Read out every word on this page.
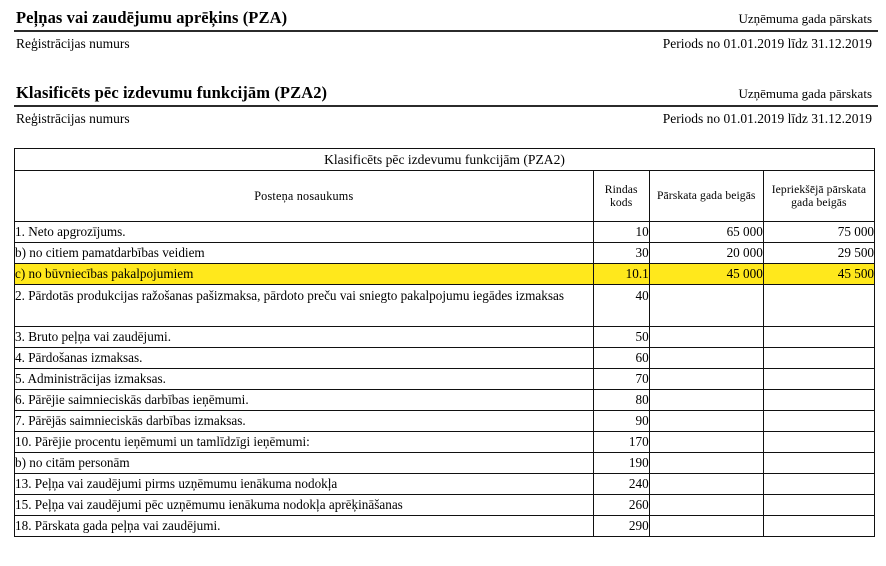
Peļņas vai zaudējumu aprēķins (PZA)	Uzņēmuma gada pārskats
Reģistrācijas numurs	Periods no 01.01.2019 līdz 31.12.2019
Klasificēts pēc izdevumu funkcijām (PZA2)	Uzņēmuma gada pārskats
Reģistrācijas numurs	Periods no 01.01.2019 līdz 31.12.2019
Klasificēts pēc izdevumu funkcijām (PZA2)			
Posteņa nosaukums	Rindas kods	Pārskata gada beigās	Iepriekšējā pārskata gada beigās
1. Neto apgrozījums.	10	65 000	75 000
b) no citiem pamatdarbības veidiem	30	20 000	29 500
c) no būvniecības pakalpojumiem	10.1	45 000	45 500
2. Pārdotās produkcijas ražošanas pašizmaksa, pārdoto preču vai sniegto pakalpojumu iegādes izmaksas	40		
3. Bruto peļņa vai zaudējumi.	50		
4. Pārdošanas izmaksas.	60		
5. Administrācijas izmaksas.	70		
6. Pārējie saimnieciskās darbības ieņēmumi.	80		
7. Pārējās saimnieciskās darbības izmaksas.	90		
10. Pārējie procentu ieņēmumi un tamlīdzīgi ieņēmumi:	170		
b) no citām personām	190		
13. Peļņa vai zaudējumi pirms uzņēmumu ienākuma nodokļa	240		
15. Peļņa vai zaudējumi pēc uzņēmumu ienākuma nodokļa aprēķināšanas	260		
18. Pārskata gada peļņa vai zaudējumi.	290		
